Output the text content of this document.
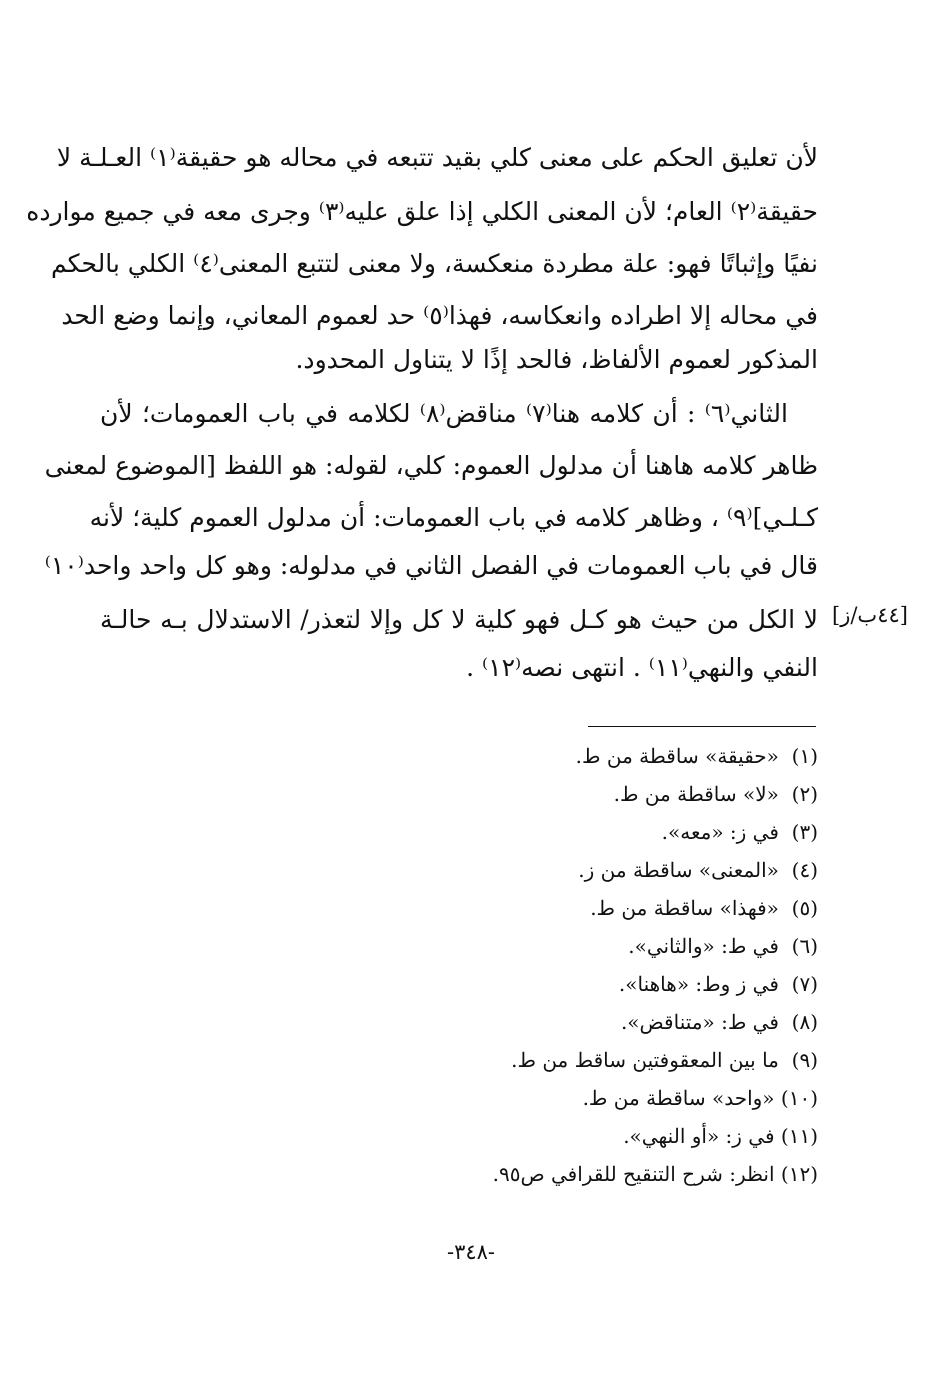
لأن تعليق الحكم على معنى كلي بقيد تتبعه في محاله هو حقيقة⁽١⁾ العـلـة لا
حقيقة⁽٢⁾ العام؛ لأن المعنى الكلي إذا علق عليه⁽٣⁾ وجرى معه في جميع موارده
نفيًا وإثباتًا فهو: علة مطردة منعكسة، ولا معنى لتتبع المعنى⁽٤⁾ الكلي بالحكم
في محاله إلا اطراده وانعكاسه، فهذا⁽٥⁾ حد لعموم المعاني، وإنما وضع الحد
المذكور لعموم الألفاظ، فالحد إذًا لا يتناول المحدود.
الثاني⁽٦⁾ : أن كلامه هنا⁽٧⁾ مناقض⁽٨⁾ لكلامه في باب العمومات؛ لأن
ظاهر كلامه هاهنا أن مدلول العموم: كلي، لقوله: هو اللفظ [الموضوع لمعنى
كـلـي]⁽٩⁾ ، وظاهر كلامه في باب العمومات: أن مدلول العموم كلية؛ لأنه
قال في باب العمومات في الفصل الثاني في مدلوله: وهو كل واحد واحد⁽١٠⁾
لا الكل من حيث هو كـل فهو كلية لا كل وإلا لتعذر/ الاستدلال بـه حالـة
النفي والنهي⁽١١⁾ . انتهى نصه⁽١٢⁾ .
[٤٤ب/ز]
(١)  «حقيقة» ساقطة من ط.
(٢)  «لا» ساقطة من ط.
(٣)  في ز: «معه».
(٤)  «المعنى» ساقطة من ز.
(٥)  «فهذا» ساقطة من ط.
(٦)  في ط: «والثاني».
(٧)  في ز وط: «هاهنا».
(٨)  في ط: «متناقض».
(٩)  ما بين المعقوفتين ساقط من ط.
(١٠) «واحد» ساقطة من ط.
(١١) في ز: «أو النهي».
(١٢) انظر: شرح التنقيح للقرافي ص٩٥.
-٣٤٨-
